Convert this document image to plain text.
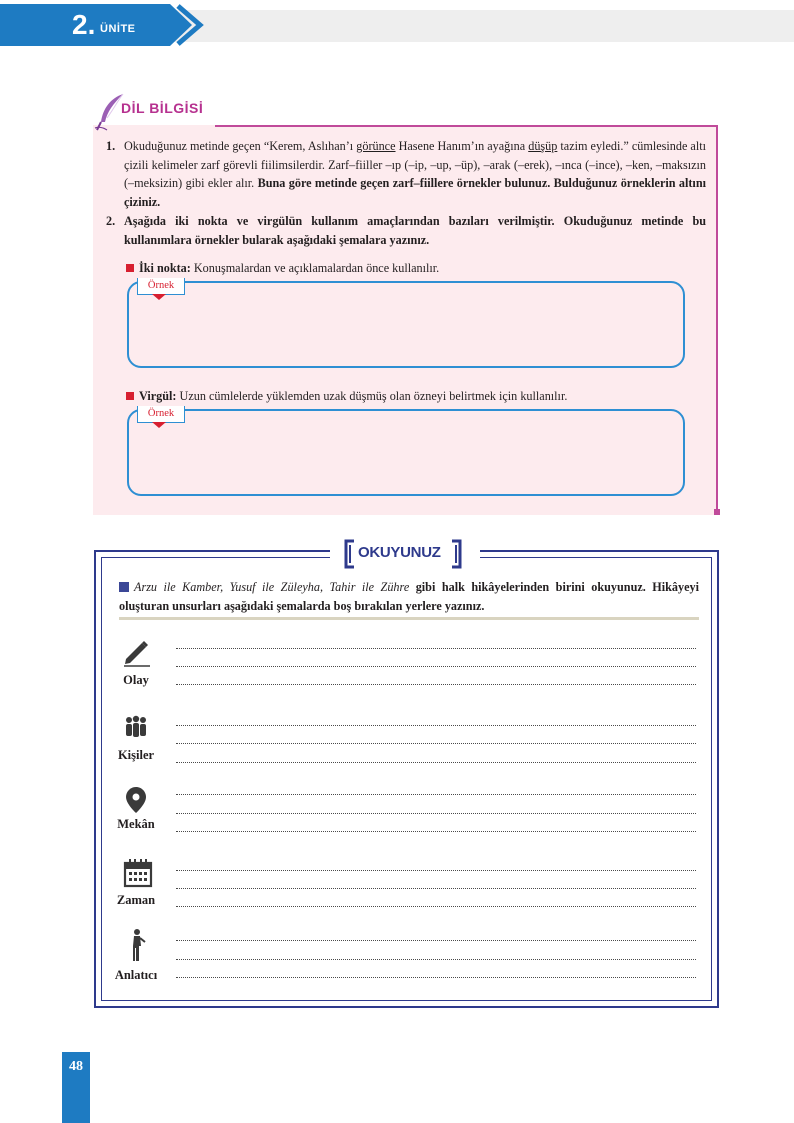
2. ÜNİTE
DİL BİLGİSİ
1. Okuduğunuz metinde geçen “Kerem, Aslıhan’ı görünce Hasene Hanım’ın ayağına düşüp tazim eyledi.” cümlesinde altı çizili kelimeler zarf görevli fiilimsilerdir. Zarf–fiiller –ıp (–ip, –up, –üp), –arak (–erek), –ınca (–ince), –ken, –maksızın (–meksizin) gibi ekler alır. Buna göre metinde geçen zarf–fiillere örnekler bulunuz. Bulduğunuz örneklerin altını çiziniz.
2. Aşağıda iki nokta ve virgülün kullanım amaçlarından bazıları verilmiştir. Okuduğunuz metinde bu kullanımlara örnekler bularak aşağıdaki şemalara yazınız.
İki nokta: Konuşmalardan ve açıklamalardan önce kullanılır.
Örnek
Virgül: Uzun cümlelerde yüklemden uzak düşmüş olan özneyi belirtmek için kullanılır.
Örnek
OKUYUNUZ
Arzu ile Kamber, Yusuf ile Züleyha, Tahir ile Zühre gibi halk hikâyelerinden birini okuyunuz. Hikâyeyi oluşturan unsurları aşağıdaki şemalarda boş bırakılan yerlere yazınız.
Olay
Kişiler
Mekân
Zaman
Anlatıcı
48
